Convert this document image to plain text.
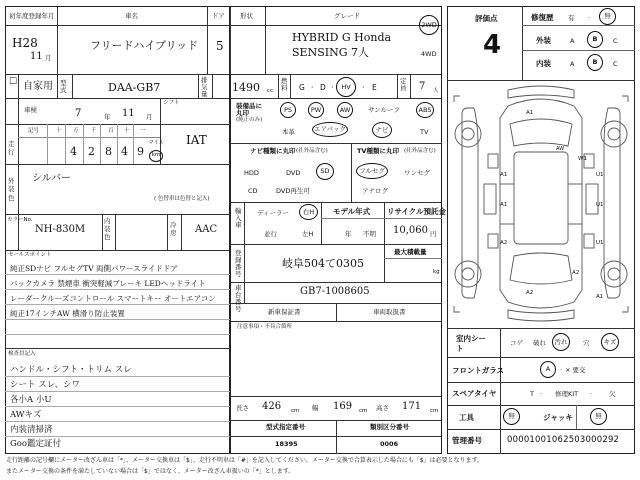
初年度登録年月	車名	ドア 形状	グレード
H28
11 月
フリードハイブリッド 5
HYBRID G Honda
SENSING 7人
2WD
4WD
□ 自家用 型式	DAA-GB7
排気量
1490 cc
燃料 G · D ·	HV	· E
定員 7 人
車検	7	年 11 月
走行
記号	十 万 千 百 十 一
4 2 8 4 9
マイル
km
シフト
IAT
外装色
シルバー
( 色替車は色替と記入)
カラーNo.
NH-830M
内装色
冷房 AAC
セールスポイント
純正SDナビ フルセグTV 両側パワースライドドア
バックカメラ 禁煙車 衝突軽減ブレーキ LEDヘッドライト
レーダークルーズコントロール スマートキー オートエアコン
純正17インチAW 横滑り防止装置
検査員記入
ハンドル・シフト・トリム スレ
シート スレ、シワ
各小A 小U
AWキズ
内装清掃済
Goo鑑定証付
装備品に丸印
(純正のみ)
PS	PW	AW	サンルーフ	ABS
本革	エアバック	ナビ	TV
ナビ種類に丸印 (社外品含む)
HDD	DVD	SD
CD	DVD再生可
TV種類に丸印 (社外品含む)
フルセグ	ワンセグ
アナログ
輸入車
ディーラー	右H
並行	左H
モデル年式
年 不明
リサイクル預託金
10,060 円
登録番号
岐阜504て0305
最大積載量
kg
車台番号
GB7-1008605
新車保証書	車両取扱書
注意事項・不具合箇所
長さ 426 cm 幅 169 cm 高さ 171 cm
型式指定番号	類別区分番号
18395	0006
評価点
4
修復歴 有 ·	無
外装	A	B	C
内装	A	B	C
A1
A1
A2
A2
U1
W1
U1
U1
A1
A2
A1
AW
室内シート
コゲ 破れ	汚れ	穴	キズ
フロントガラス	A	· × 要交
スペアタイヤ	T · 修理KIT ·	欠
工具	無	ジャッキ	無
管理番号	00001001062503000292
走行距離の記号欄にメーター改ざん車は「*」、メーター交換車は「$」、走行不明車は「#」を記入してください。メーター交換で合算表示した場合にも「$」は必要となります。
またメーター交換の条件を満たしていない場合は「$」ではなく、メーター改ざん車扱いの「*」とします。
